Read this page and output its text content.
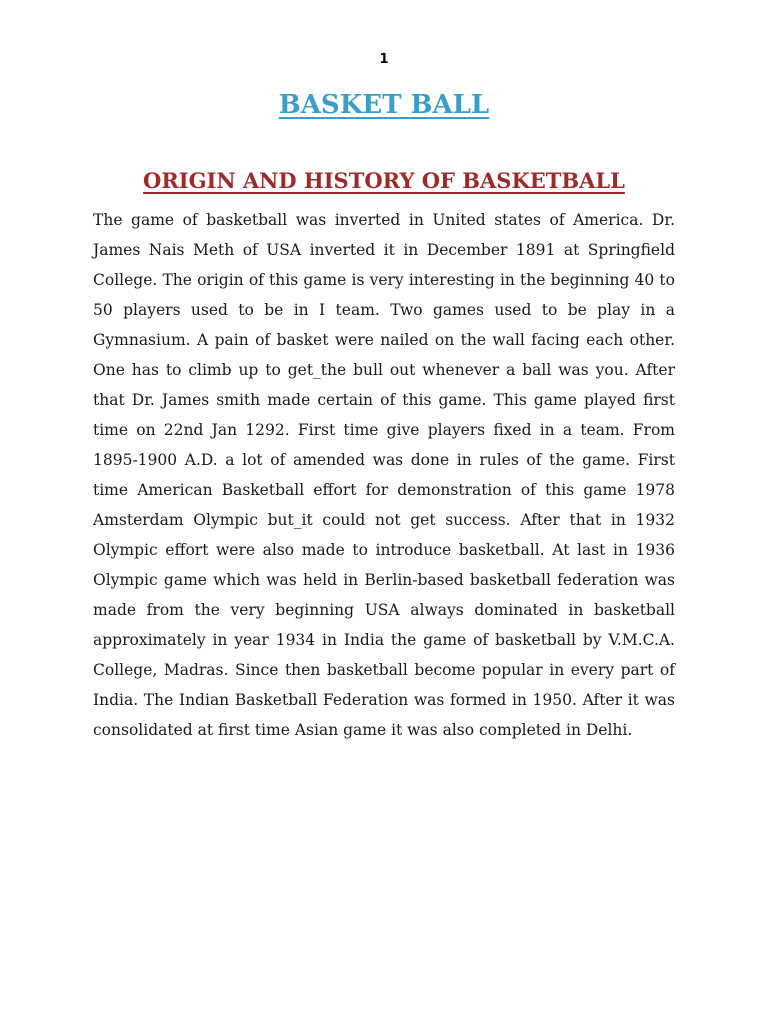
1
BASKET BALL
ORIGIN AND HISTORY OF BASKETBALL

The game of basketball was inverted in United states of America. Dr. James Nais Meth of USA inverted it in December 1891 at Springfield College. The origin of this game is very interesting in the beginning 40 to 50 players used to be in I team. Two games used to be play in a Gymnasium. A pain of basket were nailed on the wall facing each other. One has to climb up to get_the bull out whenever a ball was you. After that Dr. James smith made certain of this game. This game played first time on 22nd Jan 1292. First time give players fixed in a team. From 1895-1900 A.D. a lot of amended was done in rules of the game. First time American Basketball effort for demonstration of this game 1978 Amsterdam Olympic but_it could not get success. After that in 1932 Olympic effort were also made to introduce basketball. At last in 1936 Olympic game which was held in Berlin-based basketball federation was made from the very beginning USA always dominated in basketball approximately in year 1934 in India the game of basketball by V.M.C.A. College, Madras. Since then basketball become popular in every part of India. The Indian Basketball Federation was formed in 1950. After it was consolidated at first time Asian game it was also completed in Delhi.
